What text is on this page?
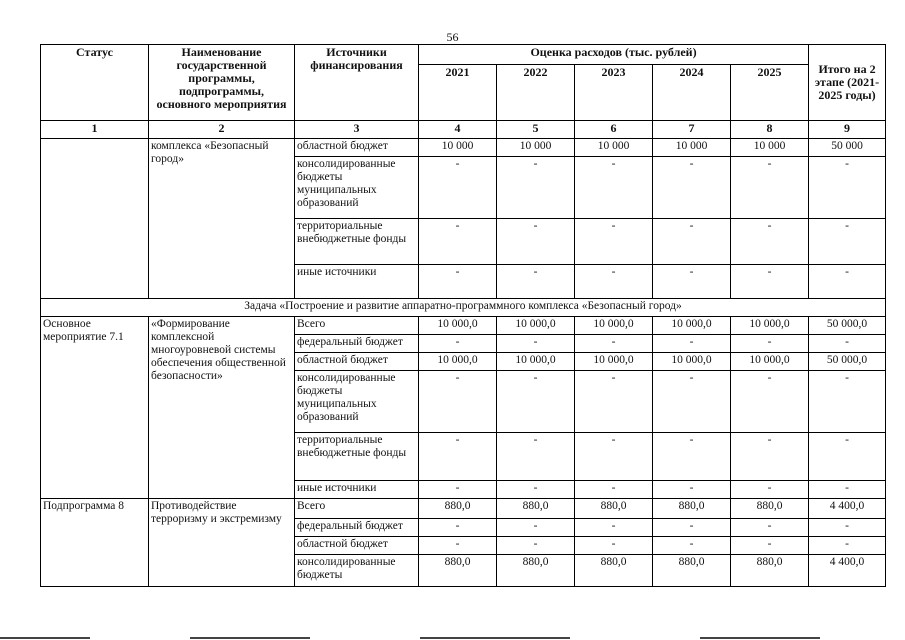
56
Статус	Наименование государственной программы, подпрограммы, основного мероприятия	Источники финансирования	Оценка расходов (тыс. рублей)					Итого на 2 этапе (2021-2025 годы)
			2021	2022	2023	2024	2025	
1	2	3	4	5	6	7	8	9
	комплекса «Безопасный город»	областной бюджет	10 000	10 000	10 000	10 000	10 000	50 000
		консолидированные бюджеты муниципальных образований	-	-	-	-	-	-
		территориальные внебюджетные фонды	-	-	-	-	-	-
		иные источники	-	-	-	-	-	-
Задача «Построение и развитие аппаратно-программного комплекса «Безопасный город»								
Основное мероприятие 7.1	«Формирование комплексной многоуровневой системы обеспечения общественной безопасности»	Всего	10 000,0	10 000,0	10 000,0	10 000,0	10 000,0	50 000,0
		федеральный бюджет	-	-	-	-	-	-
		областной бюджет	10 000,0	10 000,0	10 000,0	10 000,0	10 000,0	50 000,0
		консолидированные бюджеты муниципальных образований	-	-	-	-	-	-
		территориальные внебюджетные фонды	-	-	-	-	-	-
		иные источники	-	-	-	-	-	-
Подпрограмма 8	Противодействие терроризму и экстремизму	Всего	880,0	880,0	880,0	880,0	880,0	4 400,0
		федеральный бюджет	-	-	-	-	-	-
		областной бюджет	-	-	-	-	-	-
		консолидированные бюджеты	880,0	880,0	880,0	880,0	880,0	4 400,0
